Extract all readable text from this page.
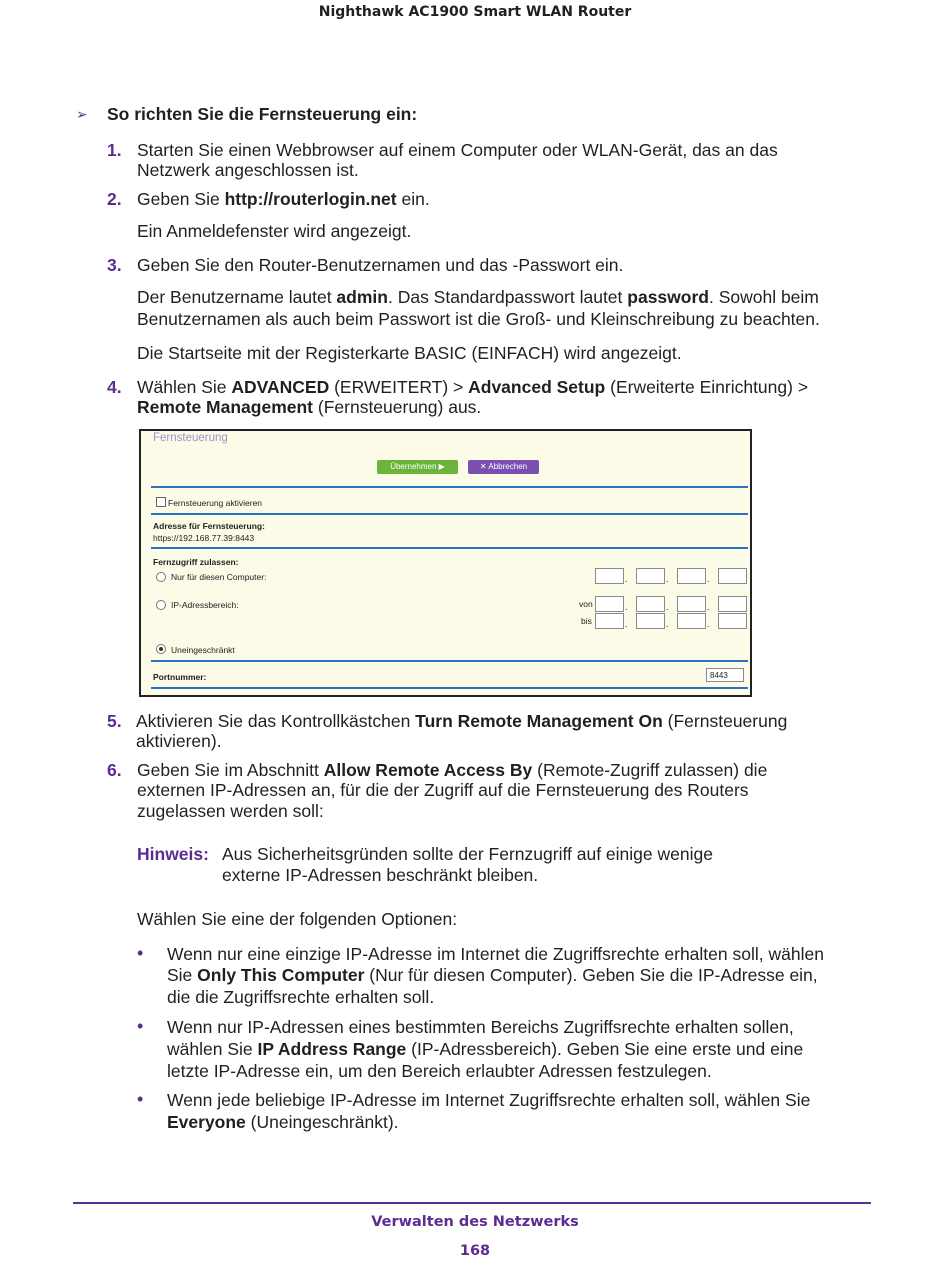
Nighthawk AC1900 Smart WLAN Router
➢ So richten Sie die Fernsteuerung ein:
1. Starten Sie einen Webbrowser auf einem Computer oder WLAN-Gerät, das an das
Netzwerk angeschlossen ist.
2. Geben Sie http://routerlogin.net ein.
Ein Anmeldefenster wird angezeigt.
3. Geben Sie den Router-Benutzernamen und das -Passwort ein.
Der Benutzername lautet admin. Das Standardpasswort lautet password. Sowohl beim
Benutzernamen als auch beim Passwort ist die Groß- und Kleinschreibung zu beachten.
Die Startseite mit der Registerkarte BASIC (EINFACH) wird angezeigt.
4. Wählen Sie ADVANCED (ERWEITERT) > Advanced Setup (Erweiterte Einrichtung) >
Remote Management (Fernsteuerung) aus.
Fernsteuerung
Übernehmen ▶	✕ Abbrechen
Fernsteuerung aktivieren
Adresse für Fernsteuerung:
https://192.168.77.39:8443
Fernzugriff zulassen:
Nur für diesen Computer:	.	.	.
IP-Adressbereich:	von	.	.	.
bis	.	.	.
Uneingeschränkt
Portnummer:	8443
5. Aktivieren Sie das Kontrollkästchen Turn Remote Management On (Fernsteuerung
aktivieren).
6. Geben Sie im Abschnitt Allow Remote Access By (Remote-Zugriff zulassen) die
externen IP-Adressen an, für die der Zugriff auf die Fernsteuerung des Routers
zugelassen werden soll:
Hinweis: Aus Sicherheitsgründen sollte der Fernzugriff auf einige wenige
externe IP-Adressen beschränkt bleiben.
Wählen Sie eine der folgenden Optionen:
• Wenn nur eine einzige IP-Adresse im Internet die Zugriffsrechte erhalten soll, wählen
Sie Only This Computer (Nur für diesen Computer). Geben Sie die IP-Adresse ein,
die die Zugriffsrechte erhalten soll.
• Wenn nur IP-Adressen eines bestimmten Bereichs Zugriffsrechte erhalten sollen,
wählen Sie IP Address Range (IP-Adressbereich). Geben Sie eine erste und eine
letzte IP-Adresse ein, um den Bereich erlaubter Adressen festzulegen.
• Wenn jede beliebige IP-Adresse im Internet Zugriffsrechte erhalten soll, wählen Sie
Everyone (Uneingeschränkt).
Verwalten des Netzwerks
168
